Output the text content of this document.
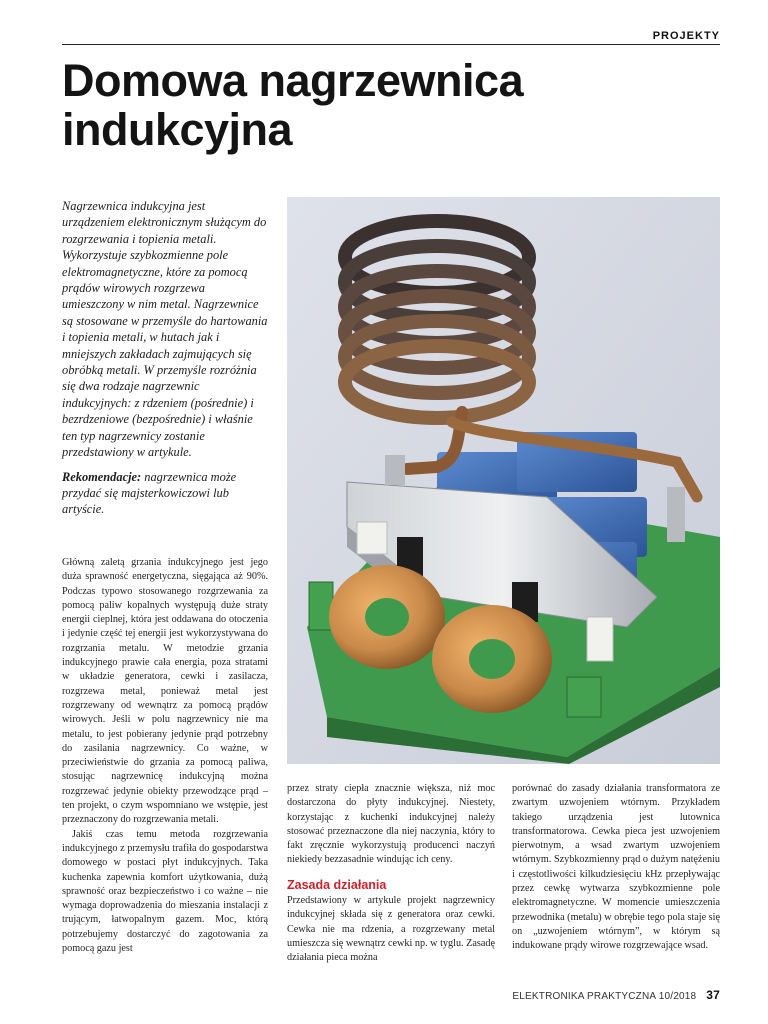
PROJEKTY
Domowa nagrzewnica
indukcyjna

Nagrzewnica indukcyjna jest urządzeniem elektronicznym służącym do rozgrzewania i topienia metali. Wykorzystuje szybkozmienne pole elektromagnetyczne, które za pomocą prądów wirowych rozgrzewa umieszczony w nim metal. Nagrzewnice są stosowane w przemyśle do hartowania i topienia metali, w hutach jak i mniejszych zakładach zajmujących się obróbką metali. W przemyśle rozróżnia się dwa rodzaje nagrzewnic indukcyjnych: z rdzeniem (pośrednie) i bezrdzeniowe (bezpośrednie) i właśnie ten typ nagrzewnicy zostanie przedstawiony w artykule.

Rekomendacje: nagrzewnica może przydać się majsterkowiczowi lub artyście.

Główną zaletą grzania indukcyjnego jest jego duża sprawność energetyczna, sięgająca aż 90%. Podczas typowo stosowanego rozgrzewania za pomocą paliw kopalnych występują duże straty energii cieplnej, która jest oddawana do otoczenia i jedynie część tej energii jest wykorzystywana do rozgrzania metalu. W metodzie grzania indukcyjnego prawie cała energia, poza stratami w układzie generatora, cewki i zasilacza, rozgrzewa metal, ponieważ metal jest rozgrzewany od wewnątrz za pomocą prądów wirowych. Jeśli w polu nagrzewnicy nie ma metalu, to jest pobierany jedynie prąd potrzebny do zasilania nagrzewnicy. Co ważne, w przeciwieństwie do grzania za pomocą paliwa, stosując nagrzewnicę indukcyjną można rozgrzewać jedynie obiekty przewodzące prąd – ten projekt, o czym wspomniano we wstępie, jest przeznaczony do rozgrzewania metali.

Jakiś czas temu metoda rozgrzewania indukcyjnego z przemysłu trafiła do gospodarstwa domowego w postaci płyt indukcyjnych. Taka kuchenka zapewnia komfort użytkowania, dużą sprawność oraz bezpieczeństwo i co ważne – nie wymaga doprowadzenia do mieszania instalacji z trującym, łatwopalnym gazem. Moc, którą potrzebujemy dostarczyć do zagotowania za pomocą gazu jest

przez straty ciepła znacznie większa, niż moc dostarczona do płyty indukcyjnej. Niestety, korzystając z kuchenki indukcyjnej należy stosować przeznaczone dla niej naczynia, który to fakt zręcznie wykorzystują producenci naczyń niekiedy bezzasadnie windując ich ceny.

Zasada działania

Przedstawiony w artykule projekt nagrzewnicy indukcyjnej składa się z generatora oraz cewki. Cewka nie ma rdzenia, a rozgrzewany metal umieszcza się wewnątrz cewki np. w tyglu. Zasadę działania pieca można

porównać do zasady działania transformatora ze zwartym uzwojeniem wtórnym. Przykładem takiego urządzenia jest lutownica transformatorowa. Cewka pieca jest uzwojeniem pierwotnym, a wsad zwartym uzwojeniem wtórnym. Szybkozmienny prąd o dużym natężeniu i częstotliwości kilkudziesięciu kHz przepływając przez cewkę wytwarza szybkozmienne pole elektromagnetyczne. W momencie umieszczenia przewodnika (metalu) w obrębie tego pola staje się on „uzwojeniem wtórnym”, w którym są indukowane prądy wirowe rozgrzewające wsad.

ELEKTRONIKA PRAKTYCZNA 10/2018 37
